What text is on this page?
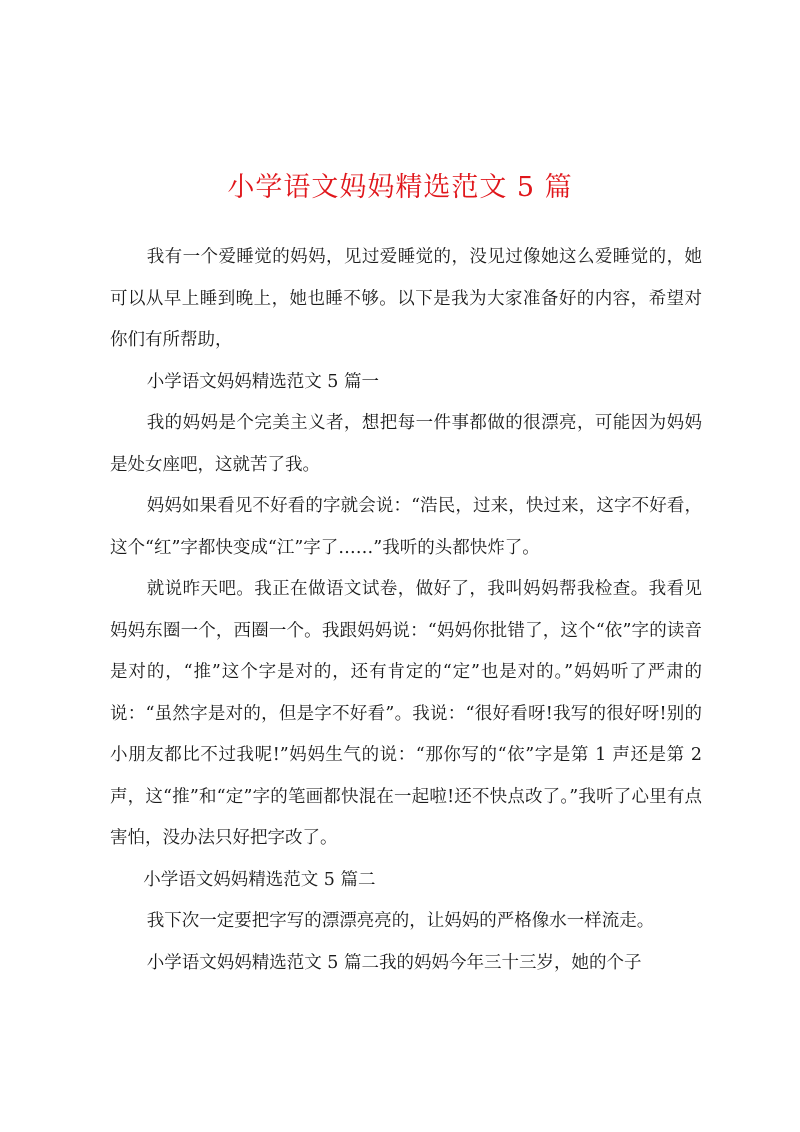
小学语文妈妈精选范文 5 篇

我有一个爱睡觉的妈妈，见过爱睡觉的，没见过像她这么爱睡觉的，她可以从早上睡到晚上，她也睡不够。以下是我为大家准备好的内容，希望对你们有所帮助，

小学语文妈妈精选范文 5 篇一

我的妈妈是个完美主义者，想把每一件事都做的很漂亮，可能因为妈妈是处女座吧，这就苦了我。

妈妈如果看见不好看的字就会说：“浩民，过来，快过来，这字不好看，这个“红”字都快变成“江”字了……”我听的头都快炸了。

就说昨天吧。我正在做语文试卷，做好了，我叫妈妈帮我检查。我看见妈妈东圈一个，西圈一个。我跟妈妈说：“妈妈你批错了，这个“依”字的读音是对的，“推”这个字是对的，还有肯定的“定”也是对的。”妈妈听了严肃的说：“虽然字是对的，但是字不好看”。我说：“很好看呀!我写的很好呀!别的小朋友都比不过我呢!”妈妈生气的说：“那你写的“依”字是第 1 声还是第 2 声，这“推”和“定”字的笔画都快混在一起啦!还不快点改了。”我听了心里有点害怕，没办法只好把字改了。

小学语文妈妈精选范文 5 篇二

我下次一定要把字写的漂漂亮亮的，让妈妈的严格像水一样流走。

小学语文妈妈精选范文 5 篇二我的妈妈今年三十三岁，她的个子
